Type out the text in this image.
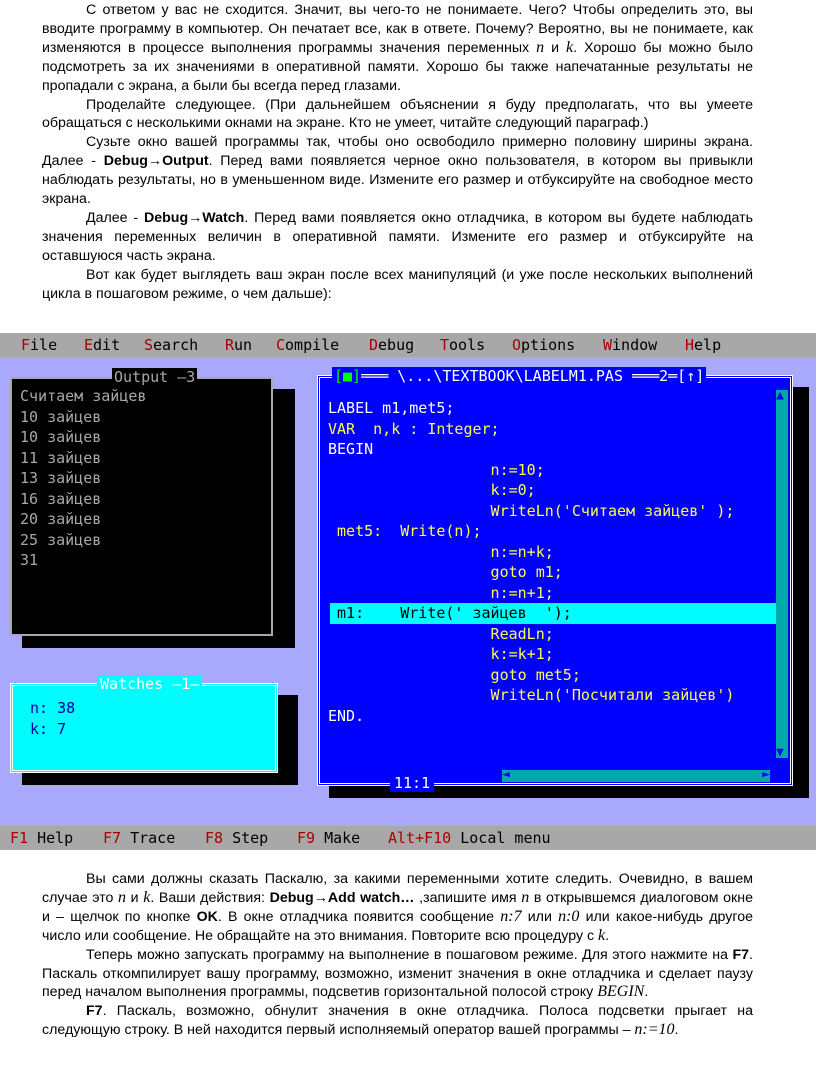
С ответом у вас не сходится. Значит, вы чего-то не понимаете. Чего? Чтобы определить это, вы вводите программу в компьютер. Он печатает все, как в ответе. Почему? Вероятно, вы не понимаете, как изменяются в процессе выполнения программы значения переменных n и k. Хорошо бы можно было подсмотреть за их значениями в оперативной памяти. Хорошо бы также напечатанные результаты не пропадали с экрана, а были бы всегда перед глазами.

Проделайте следующее. (При дальнейшем объяснении я буду предполагать, что вы умеете обращаться с несколькими окнами на экране. Кто не умеет, читайте следующий параграф.)

Сузьте окно вашей программы так, чтобы оно освободило примерно половину ширины экрана. Далее - Debug→Output. Перед вами появляется черное окно пользователя, в котором вы привыкли наблюдать результаты, но в уменьшенном виде. Измените его размер и отбуксируйте на свободное место экрана.

Далее - Debug→Watch. Перед вами появляется окно отладчика, в котором вы будете наблюдать значения переменных величин в оперативной памяти. Измените его размер и отбуксируйте на оставшуюся часть экрана.

Вот как будет выглядеть ваш экран после всех манипуляций (и уже после нескольких выполнений цикла в пошаговом режиме, о чем дальше):

File

Edit

Search

Run

Compile

Debug

Tools

Options

Window

Help

Output —3
Считаем зайцев
10 зайцев
10 зайцев
11 зайцев
13 зайцев
16 зайцев
20 зайцев
25 зайцев
31
Watches —1—
n: 38
k: 7
[■]═══ \...\TEXTBOOK\LABELM1.PAS ═══2═[↑]
LABEL m1,met5;
VAR  n,k : Integer;
BEGIN
n:=10;
k:=0;
WriteLn('Считаем зайцев' );
met5:  Write(n);
n:=n+k;
goto m1;
n:=n+1;
m1:    Write(' зайцев  ');
ReadLn;
k:=k+1;
goto met5;
WriteLn('Посчитали зайцев')
END.
▲
▼
◄	►
11:1

F1 Help

F7 Trace

F8 Step

F9 Make

Alt+F10 Local menu

Вы сами должны сказать Паскалю, за какими переменными хотите следить. Очевидно, в вашем случае это n и k. Ваши действия: Debug→Add watch… ,запишите имя n в открывшемся диалоговом окне и – щелчок по кнопке OK. В окне отладчика появится сообщение n:7 или n:0 или какое-нибудь другое число или сообщение. Не обращайте на это внимания. Повторите всю процедуру с k.

Теперь можно запускать программу на выполнение в пошаговом режиме. Для этого нажмите на F7. Паскаль откомпилирует вашу программу, возможно, изменит значения в окне отладчика и сделает паузу перед началом выполнения программы, подсветив горизонтальной полосой строку BEGIN.

F7. Паскаль, возможно, обнулит значения в окне отладчика. Полоса подсветки прыгает на следующую строку. В ней находится первый исполняемый оператор вашей программы – n:=10.
